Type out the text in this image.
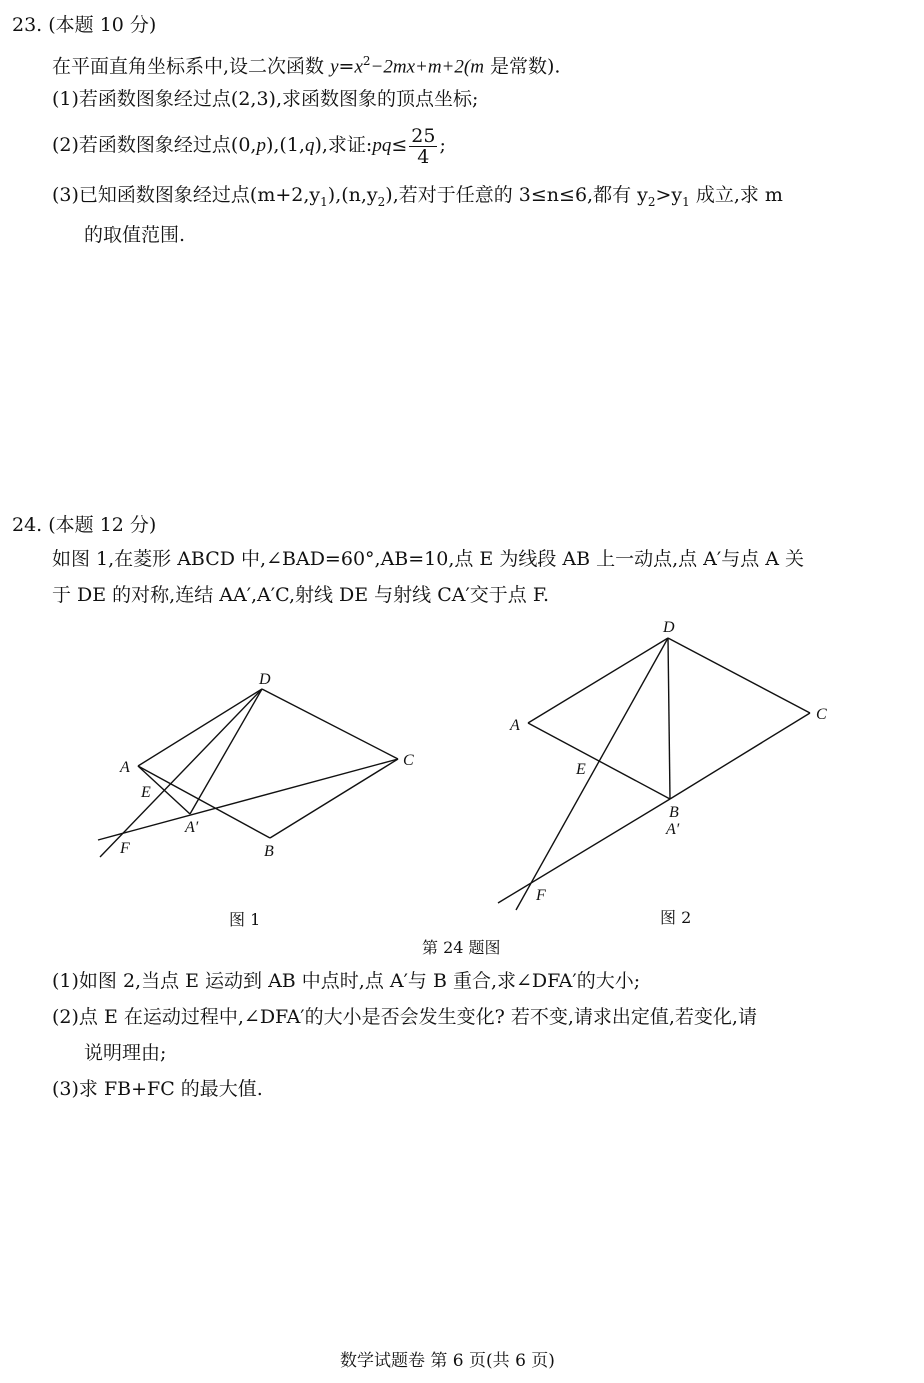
23. (本题 10 分)
在平面直角坐标系中,设二次函数 $y=x^2-2mx+m+2(m$ 是常数).
(1)若函数图象经过点(2,3),求函数图象的顶点坐标;
(2)若函数图象经过点(0,p),(1,q),求证:pq≤ $\frac{25}{4}$ ;
(3)已知函数图象经过点$(m+2,y_1),(n,y_2)$,若对于任意的 3≤n≤6,都有 $y_2>y_1$ 成立,求 m
的取值范围.
24. (本题 12 分)
如图 1,在菱形 ABCD 中,∠BAD=60°,AB=10,点 E 为线段 AB 上一动点,点 A′与点 A 关
于 DE 的对称,连结 AA′,A′C,射线 DE 与射线 CA′交于点 F.
D
A	C
E
A′
B
F
D
A
C
E
B
A′
F
图 1	图 2
第 24 题图
(1)如图 2,当点 E 运动到 AB 中点时,点 A′与 B 重合,求∠DFA′的大小;
(2)点 E 在运动过程中,∠DFA′的大小是否会发生变化? 若不变,请求出定值,若变化,请
说明理由;
(3)求 FB+FC 的最大值.
数学试题卷 第 6 页(共 6 页)
